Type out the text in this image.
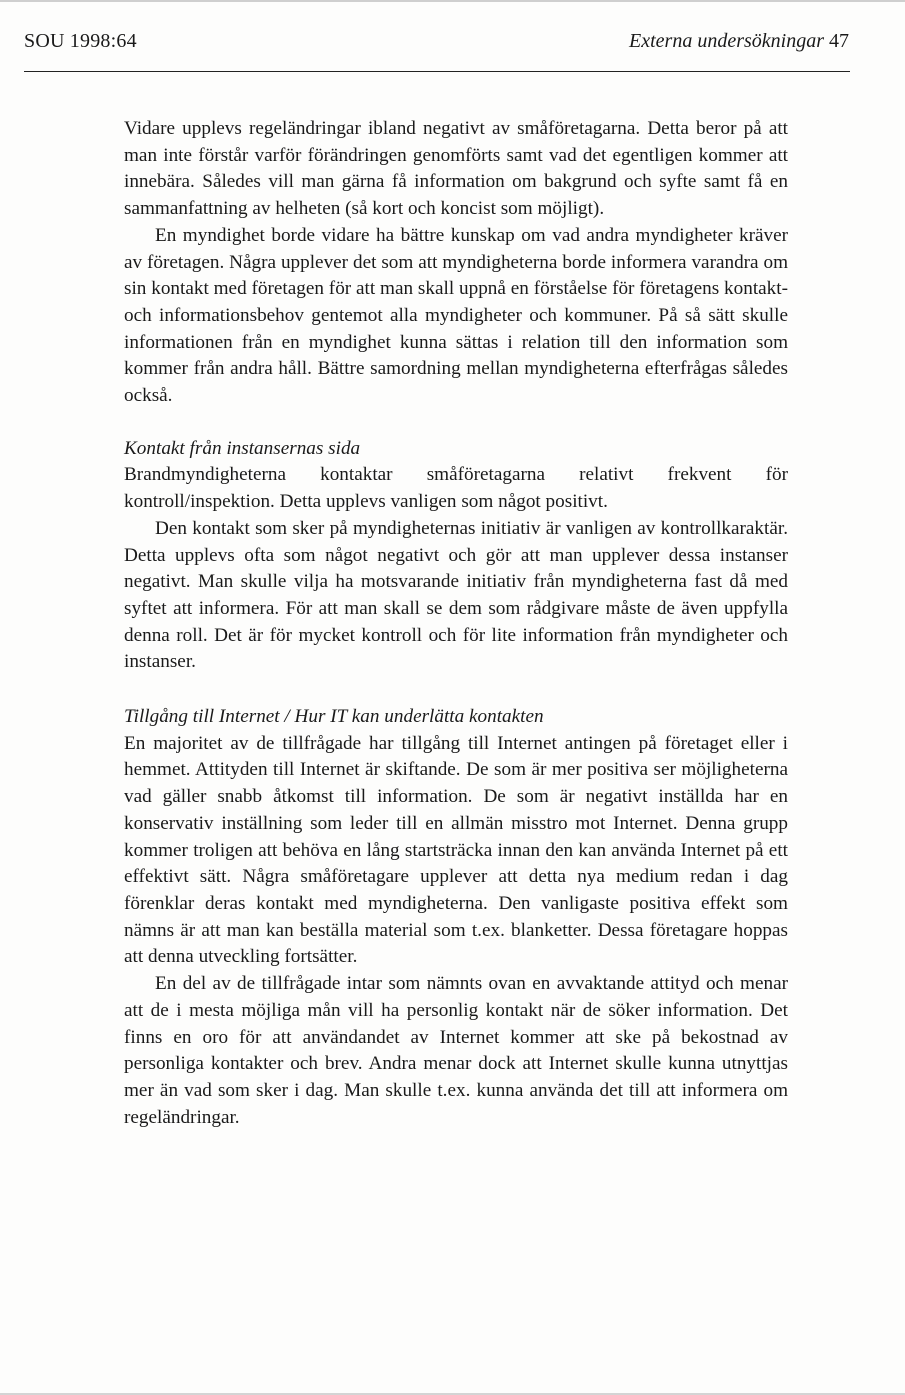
SOU 1998:64	Externa undersökningar 47

Vidare upplevs regeländringar ibland negativt av småföretagarna. Detta beror på att man inte förstår varför förändringen genomförts samt vad det egentligen kommer att innebära. Således vill man gärna få information om bakgrund och syfte samt få en sammanfattning av helheten (så kort och koncist som möjligt).

En myndighet borde vidare ha bättre kunskap om vad andra myndigheter kräver av företagen. Några upplever det som att myndigheterna borde informera varandra om sin kontakt med företagen för att man skall uppnå en förståelse för företagens kontakt- och informationsbehov gentemot alla myndigheter och kommuner. På så sätt skulle informationen från en myndighet kunna sättas i relation till den information som kommer från andra håll. Bättre samordning mellan myndigheterna efterfrågas således också.

Kontakt från instansernas sida

Brandmyndigheterna kontaktar småföretagarna relativt frekvent för kontroll/inspektion. Detta upplevs vanligen som något positivt.

Den kontakt som sker på myndigheternas initiativ är vanligen av kontrollkaraktär. Detta upplevs ofta som något negativt och gör att man upplever dessa instanser negativt. Man skulle vilja ha motsvarande initiativ från myndigheterna fast då med syftet att informera. För att man skall se dem som rådgivare måste de även uppfylla denna roll. Det är för mycket kontroll och för lite information från myndigheter och instanser.

Tillgång till Internet / Hur IT kan underlätta kontakten

En majoritet av de tillfrågade har tillgång till Internet antingen på företaget eller i hemmet. Attityden till Internet är skiftande. De som är mer positiva ser möjligheterna vad gäller snabb åtkomst till information. De som är negativt inställda har en konservativ inställning som leder till en allmän misstro mot Internet. Denna grupp kommer troligen att behöva en lång startsträcka innan den kan använda Internet på ett effektivt sätt. Några småföretagare upplever att detta nya medium redan i dag förenklar deras kontakt med myndigheterna. Den vanligaste positiva effekt som nämns är att man kan beställa material som t.ex. blanketter. Dessa företagare hoppas att denna utveckling fortsätter.

En del av de tillfrågade intar som nämnts ovan en avvaktande attityd och menar att de i mesta möjliga mån vill ha personlig kontakt när de söker information. Det finns en oro för att användandet av Internet kommer att ske på bekostnad av personliga kontakter och brev. Andra menar dock att Internet skulle kunna utnyttjas mer än vad som sker i dag. Man skulle t.ex. kunna använda det till att informera om regeländringar.
